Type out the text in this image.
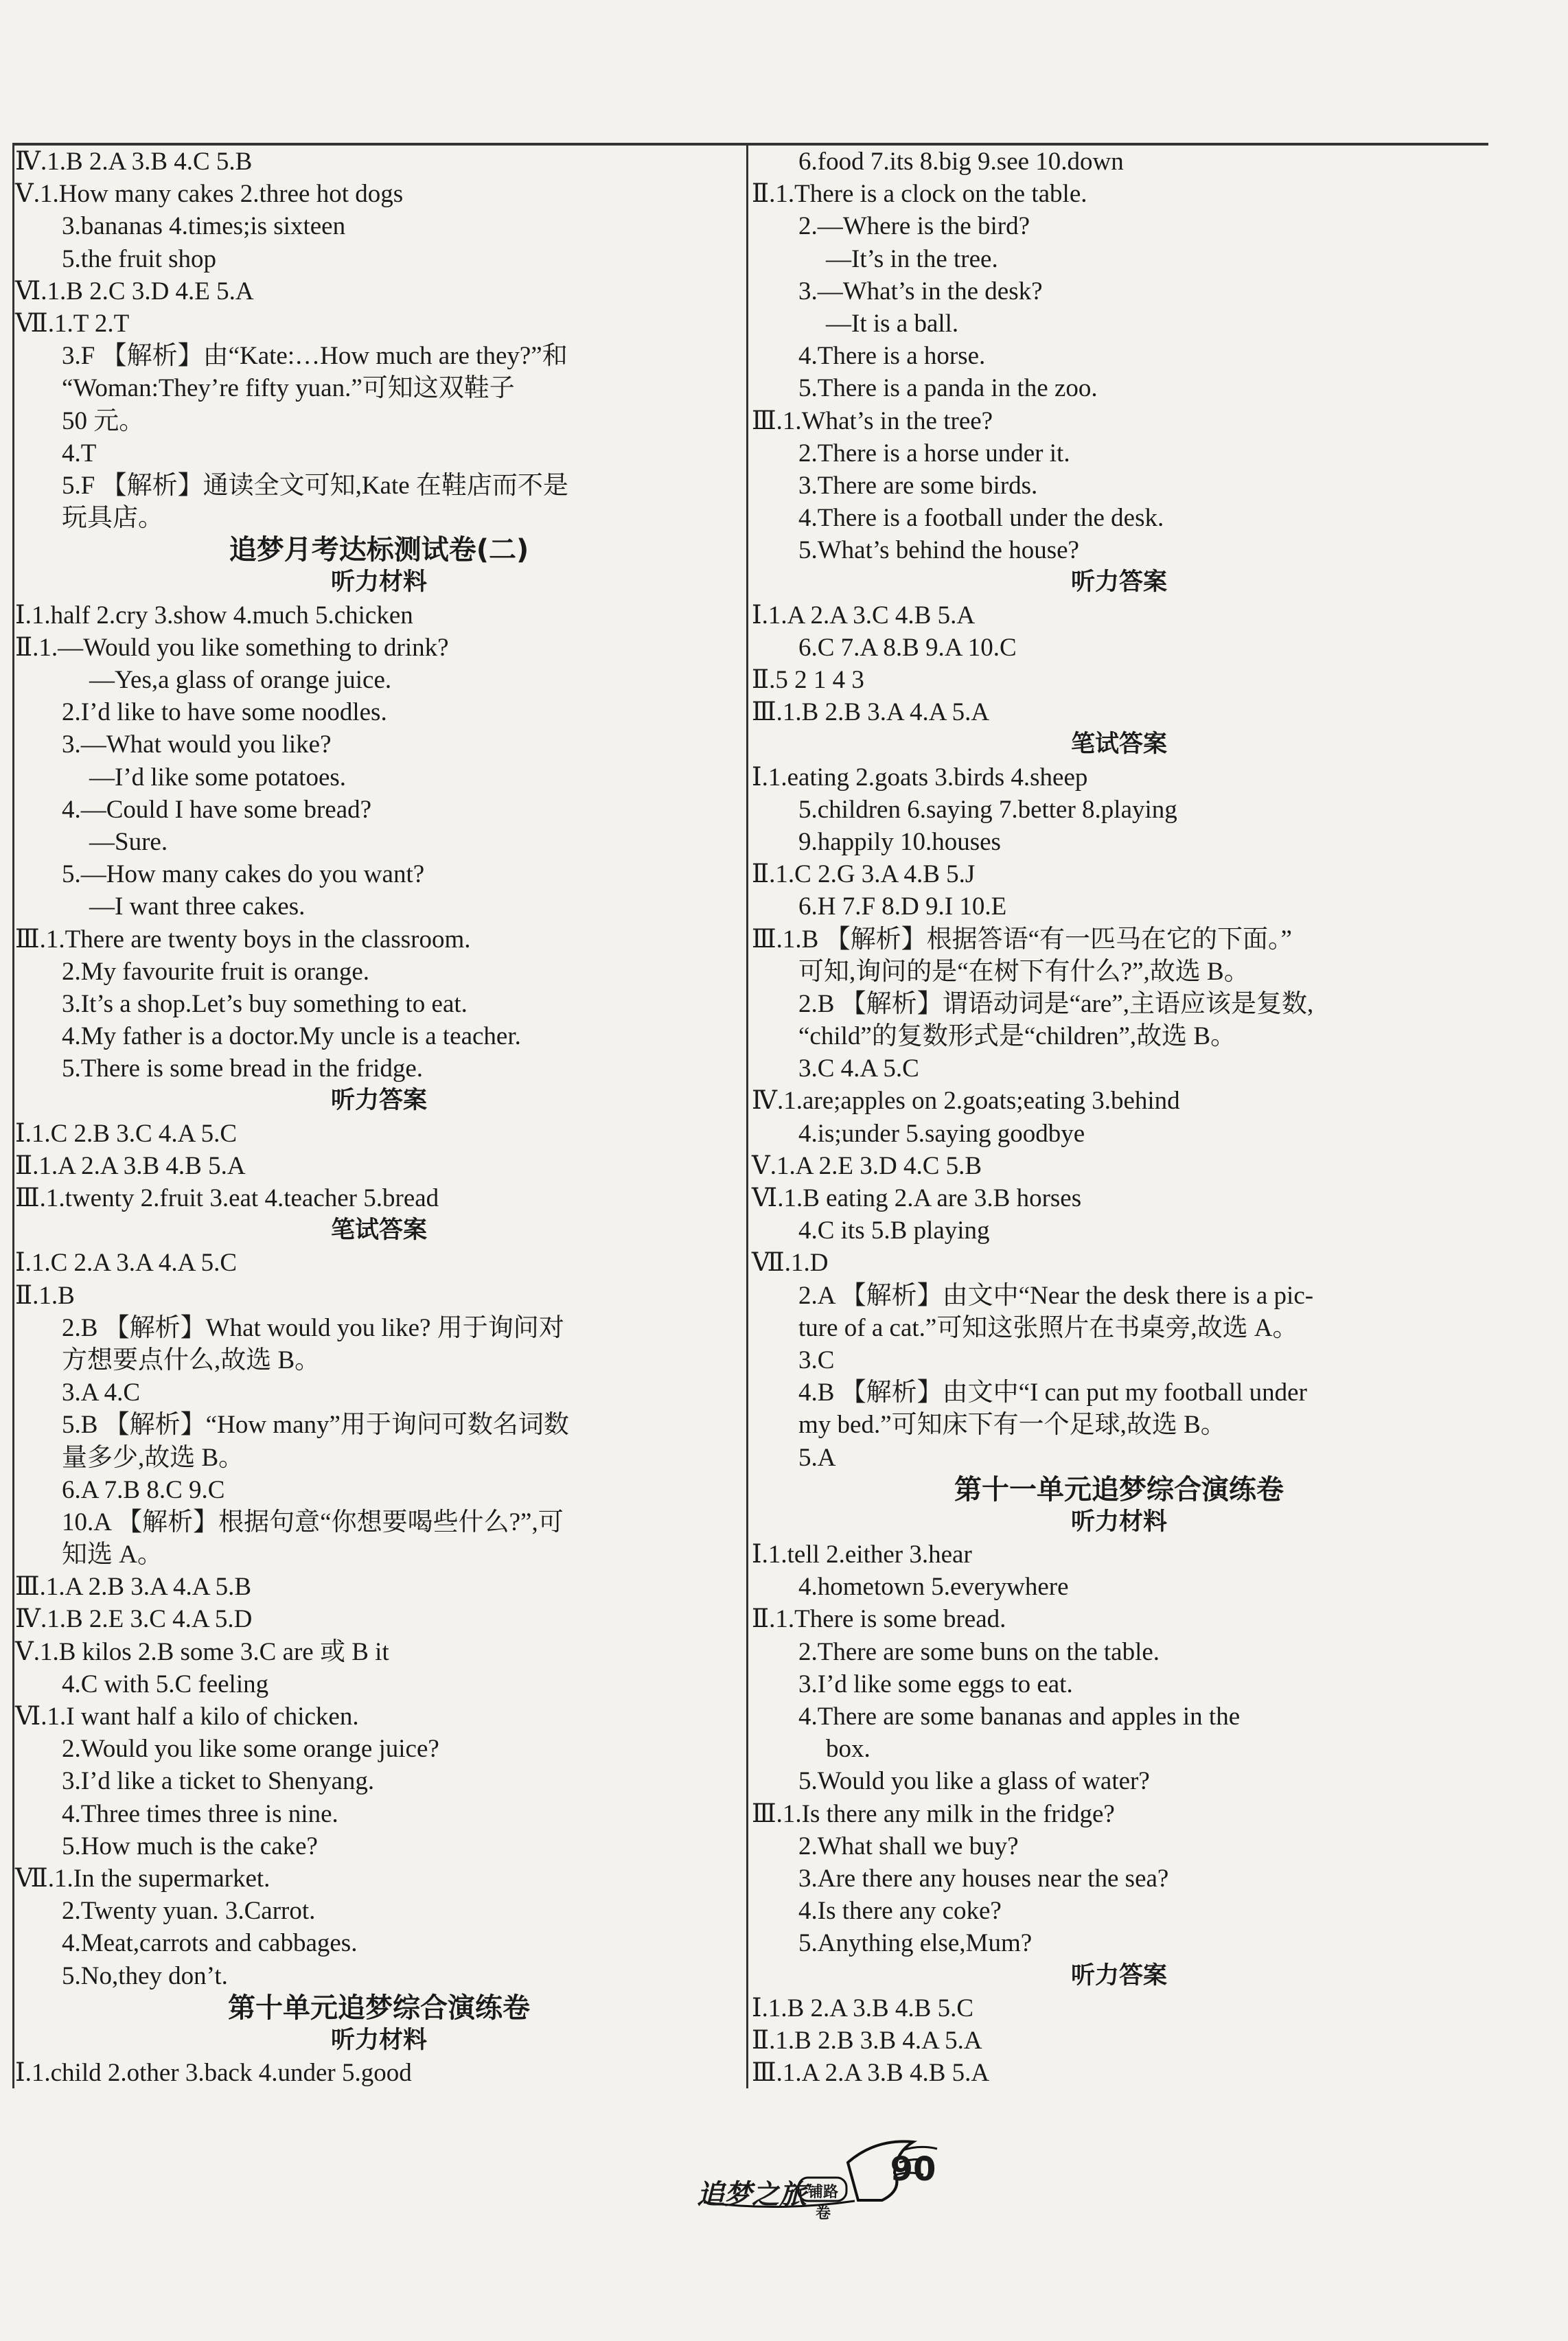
Ⅳ.1.B 2.A 3.B 4.C 5.B
Ⅴ.1.How many cakes 2.three hot dogs
3.bananas 4.times;is sixteen
5.the fruit shop
Ⅵ.1.B 2.C 3.D 4.E 5.A
Ⅶ.1.T 2.T
3.F 【解析】由“Kate:…How much are they?”和
“Woman:They’re fifty yuan.”可知这双鞋子
50 元。
4.T
5.F 【解析】通读全文可知,Kate 在鞋店而不是
玩具店。
追梦月考达标测试卷(二)
听力材料
Ⅰ.1.half 2.cry 3.show 4.much 5.chicken
Ⅱ.1.—Would you like something to drink?
—Yes,a glass of orange juice.
2.I’d like to have some noodles.
3.—What would you like?
—I’d like some potatoes.
4.—Could I have some bread?
—Sure.
5.—How many cakes do you want?
—I want three cakes.
Ⅲ.1.There are twenty boys in the classroom.
2.My favourite fruit is orange.
3.It’s a shop.Let’s buy something to eat.
4.My father is a doctor.My uncle is a teacher.
5.There is some bread in the fridge.
听力答案
Ⅰ.1.C 2.B 3.C 4.A 5.C
Ⅱ.1.A 2.A 3.B 4.B 5.A
Ⅲ.1.twenty 2.fruit 3.eat 4.teacher 5.bread
笔试答案
Ⅰ.1.C 2.A 3.A 4.A 5.C
Ⅱ.1.B
2.B 【解析】What would you like? 用于询问对
方想要点什么,故选 B。
3.A 4.C
5.B 【解析】“How many”用于询问可数名词数
量多少,故选 B。
6.A 7.B 8.C 9.C
10.A 【解析】根据句意“你想要喝些什么?”,可
知选 A。
Ⅲ.1.A 2.B 3.A 4.A 5.B
Ⅳ.1.B 2.E 3.C 4.A 5.D
Ⅴ.1.B kilos 2.B some 3.C are 或 B it
4.C with 5.C feeling
Ⅵ.1.I want half a kilo of chicken.
2.Would you like some orange juice?
3.I’d like a ticket to Shenyang.
4.Three times three is nine.
5.How much is the cake?
Ⅶ.1.In the supermarket.
2.Twenty yuan. 3.Carrot.
4.Meat,carrots and cabbages.
5.No,they don’t.
第十单元追梦综合演练卷
听力材料
Ⅰ.1.child 2.other 3.back 4.under 5.good
6.food 7.its 8.big 9.see 10.down
Ⅱ.1.There is a clock on the table.
2.—Where is the bird?
—It’s in the tree.
3.—What’s in the desk?
—It is a ball.
4.There is a horse.
5.There is a panda in the zoo.
Ⅲ.1.What’s in the tree?
2.There is a horse under it.
3.There are some birds.
4.There is a football under the desk.
5.What’s behind the house?
听力答案
Ⅰ.1.A 2.A 3.C 4.B 5.A
6.C 7.A 8.B 9.A 10.C
Ⅱ.5 2 1 4 3
Ⅲ.1.B 2.B 3.A 4.A 5.A
笔试答案
Ⅰ.1.eating 2.goats 3.birds 4.sheep
5.children 6.saying 7.better 8.playing
9.happily 10.houses
Ⅱ.1.C 2.G 3.A 4.B 5.J
6.H 7.F 8.D 9.I 10.E
Ⅲ.1.B 【解析】根据答语“有一匹马在它的下面。”
可知,询问的是“在树下有什么?”,故选 B。
2.B 【解析】谓语动词是“are”,主语应该是复数,
“child”的复数形式是“children”,故选 B。
3.C 4.A 5.C
Ⅳ.1.are;apples on 2.goats;eating 3.behind
4.is;under 5.saying goodbye
Ⅴ.1.A 2.E 3.D 4.C 5.B
Ⅵ.1.B eating 2.A are 3.B horses
4.C its 5.B playing
Ⅶ.1.D
2.A 【解析】由文中“Near the desk there is a pic-
ture of a cat.”可知这张照片在书桌旁,故选 A。
3.C
4.B 【解析】由文中“I can put my football under
my bed.”可知床下有一个足球,故选 B。
5.A
第十一单元追梦综合演练卷
听力材料
Ⅰ.1.tell 2.either 3.hear
4.hometown 5.everywhere
Ⅱ.1.There is some bread.
2.There are some buns on the table.
3.I’d like some eggs to eat.
4.There are some bananas and apples in the
box.
5.Would you like a glass of water?
Ⅲ.1.Is there any milk in the fridge?
2.What shall we buy?
3.Are there any houses near the sea?
4.Is there any coke?
5.Anything else,Mum?
听力答案
Ⅰ.1.B 2.A 3.B 4.B 5.C
Ⅱ.1.B 2.B 3.B 4.A 5.A
Ⅲ.1.A 2.A 3.B 4.B 5.A
追梦之旅 铺路卷
90
